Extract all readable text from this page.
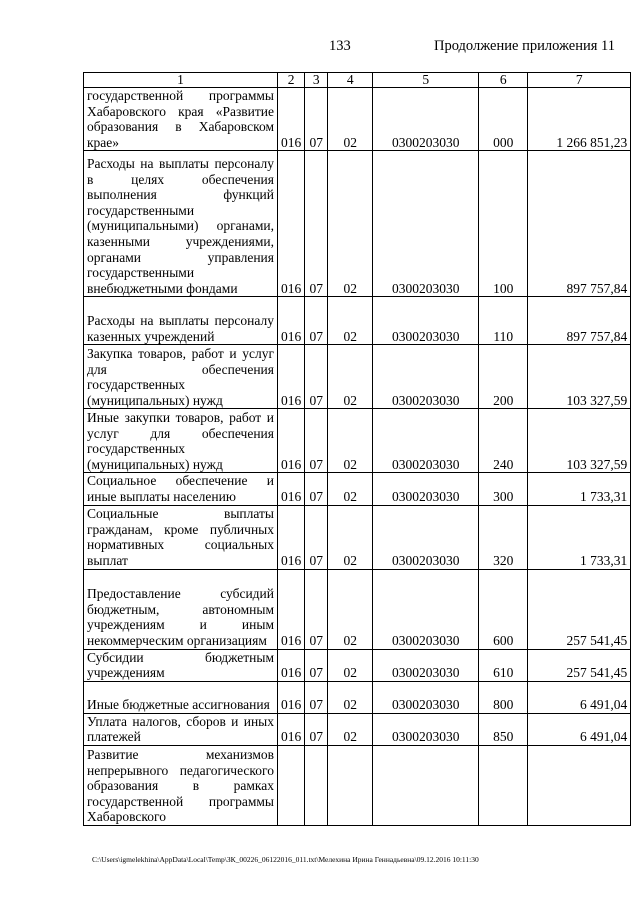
133	Продолжение приложения 11
1	2	3	4	5	6	7
государственной программы Хабаровского края «Развитие образования в Хабаровском крае»	016	07	02	0300203030	000	1 266 851,23
Расходы на выплаты персоналу в целях обеспечения выполнения функций государственными (муниципальными) органами, казенными учреждениями, органами управления государственными внебюджетными фондами	016	07	02	0300203030	100	897 757,84
Расходы на выплаты персоналу казенных учреждений	016	07	02	0300203030	110	897 757,84
Закупка товаров, работ и услуг для обеспечения государственных (муниципальных) нужд	016	07	02	0300203030	200	103 327,59
Иные закупки товаров, работ и услуг для обеспечения государственных (муниципальных) нужд	016	07	02	0300203030	240	103 327,59
Социальное обеспечение и иные выплаты населению	016	07	02	0300203030	300	1 733,31
Социальные выплаты гражданам, кроме публичных нормативных социальных выплат	016	07	02	0300203030	320	1 733,31
Предоставление субсидий бюджетным, автономным учреждениям и иным некоммерческим организациям	016	07	02	0300203030	600	257 541,45
Субсидии бюджетным учреждениям	016	07	02	0300203030	610	257 541,45
Иные бюджетные ассигнования	016	07	02	0300203030	800	6 491,04
Уплата налогов, сборов и иных платежей	016	07	02	0300203030	850	6 491,04
Развитие механизмов непрерывного педагогического образования в рамках государственной программы Хабаровского						
C:\Users\igmelekhina\AppData\Local\Temp\ЗК_00226_06122016_011.txt\Мелехина Ирина Геннадьевна\09.12.2016 10:11:30
